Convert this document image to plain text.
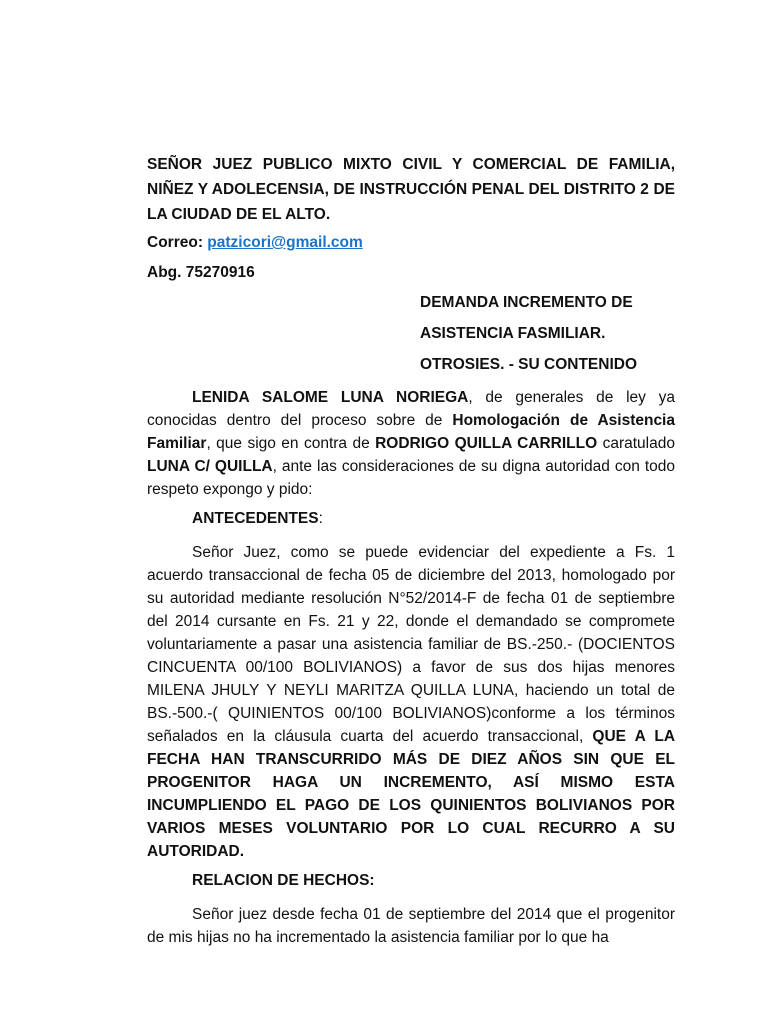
SEÑOR JUEZ PUBLICO MIXTO CIVIL Y COMERCIAL DE FAMILIA, NIÑEZ Y ADOLECENSIA, DE INSTRUCCIÓN PENAL DEL DISTRITO 2 DE LA CIUDAD DE EL ALTO.

Correo: patzicori@gmail.com

Abg. 75270916

DEMANDA INCREMENTO DE

ASISTENCIA FASMILIAR.

OTROSIES. - SU CONTENIDO

LENIDA SALOME LUNA NORIEGA, de generales de ley ya conocidas dentro del proceso sobre de Homologación de Asistencia Familiar, que sigo en contra de RODRIGO QUILLA CARRILLO caratulado LUNA C/ QUILLA, ante las consideraciones de su digna autoridad con todo respeto expongo y pido:

ANTECEDENTES:

Señor Juez, como se puede evidenciar del expediente a Fs. 1 acuerdo transaccional de fecha 05 de diciembre del 2013, homologado por su autoridad mediante resolución N°52/2014-F de fecha 01 de septiembre del 2014 cursante en Fs. 21 y 22, donde el demandado se compromete voluntariamente a pasar una asistencia familiar de BS.-250.- (DOCIENTOS CINCUENTA 00/100 BOLIVIANOS) a favor de sus dos hijas menores MILENA JHULY Y NEYLI MARITZA QUILLA LUNA, haciendo un total de BS.-500.-( QUINIENTOS 00/100 BOLIVIANOS)conforme a los términos señalados en la cláusula cuarta del acuerdo transaccional, QUE A LA FECHA HAN TRANSCURRIDO MÁS DE DIEZ AÑOS SIN QUE EL PROGENITOR HAGA UN INCREMENTO, ASÍ MISMO ESTA INCUMPLIENDO EL PAGO DE LOS QUINIENTOS BOLIVIANOS POR VARIOS MESES VOLUNTARIO POR LO CUAL RECURRO A SU AUTORIDAD.

RELACION DE HECHOS:

Señor juez desde fecha 01 de septiembre del 2014 que el progenitor de mis hijas no ha incrementado la asistencia familiar por lo que ha
